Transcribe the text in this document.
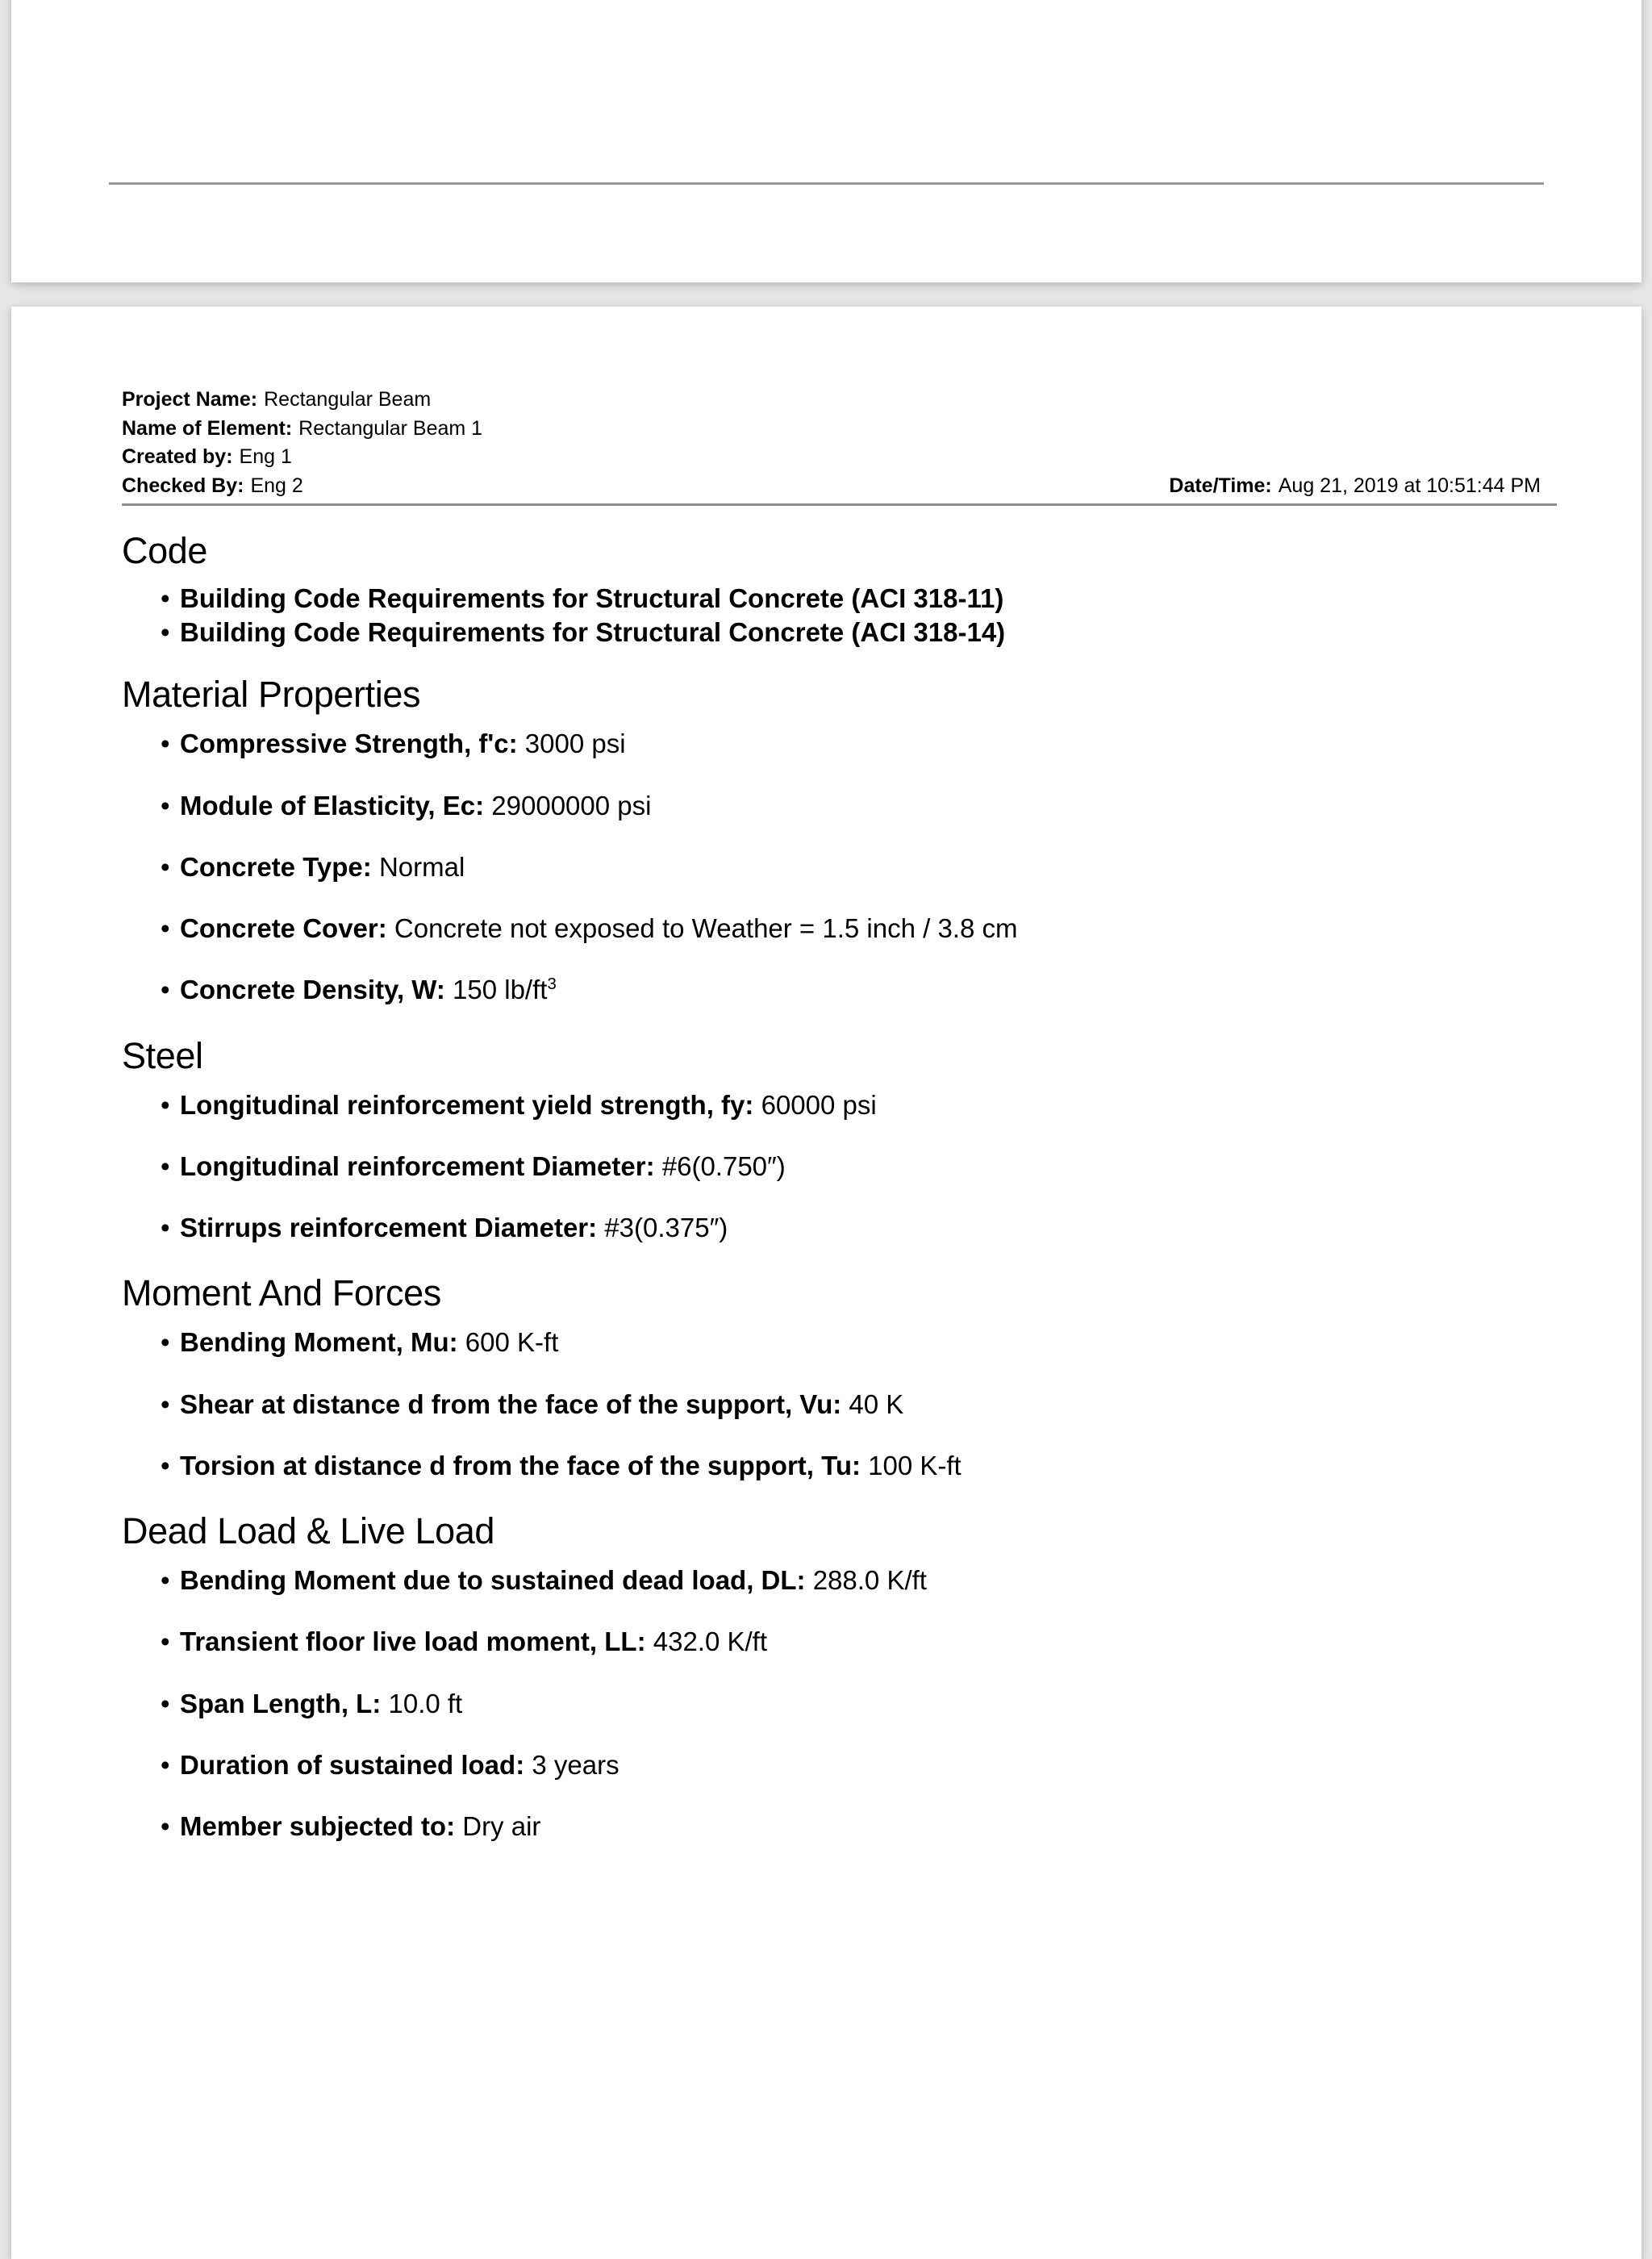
Project Name: Rectangular Beam
Name of Element: Rectangular Beam 1
Created by: Eng 1
Checked By: Eng 2	Date/Time: Aug 21, 2019 at 10:51:44 PM
Code
• Building Code Requirements for Structural Concrete (ACI 318-11)
• Building Code Requirements for Structural Concrete (ACI 318-14)
Material Properties
• Compressive Strength, f'c: 3000 psi
• Module of Elasticity, Ec: 29000000 psi
• Concrete Type: Normal
• Concrete Cover: Concrete not exposed to Weather = 1.5 inch / 3.8 cm
• Concrete Density, W: 150 $lb/ft^3$
Steel
• Longitudinal reinforcement yield strength, fy: 60000 psi
• Longitudinal reinforcement Diameter: #6(0.750″)
• Stirrups reinforcement Diameter: #3(0.375″)
Moment And Forces
• Bending Moment, Mu: 600 K-ft
• Shear at distance d from the face of the support, Vu: 40 K
• Torsion at distance d from the face of the support, Tu: 100 K-ft
Dead Load & Live Load
• Bending Moment due to sustained dead load, DL: 288.0 K/ft
• Transient floor live load moment, LL: 432.0 K/ft
• Span Length, L: 10.0 ft
• Duration of sustained load: 3 years
• Member subjected to: Dry air
